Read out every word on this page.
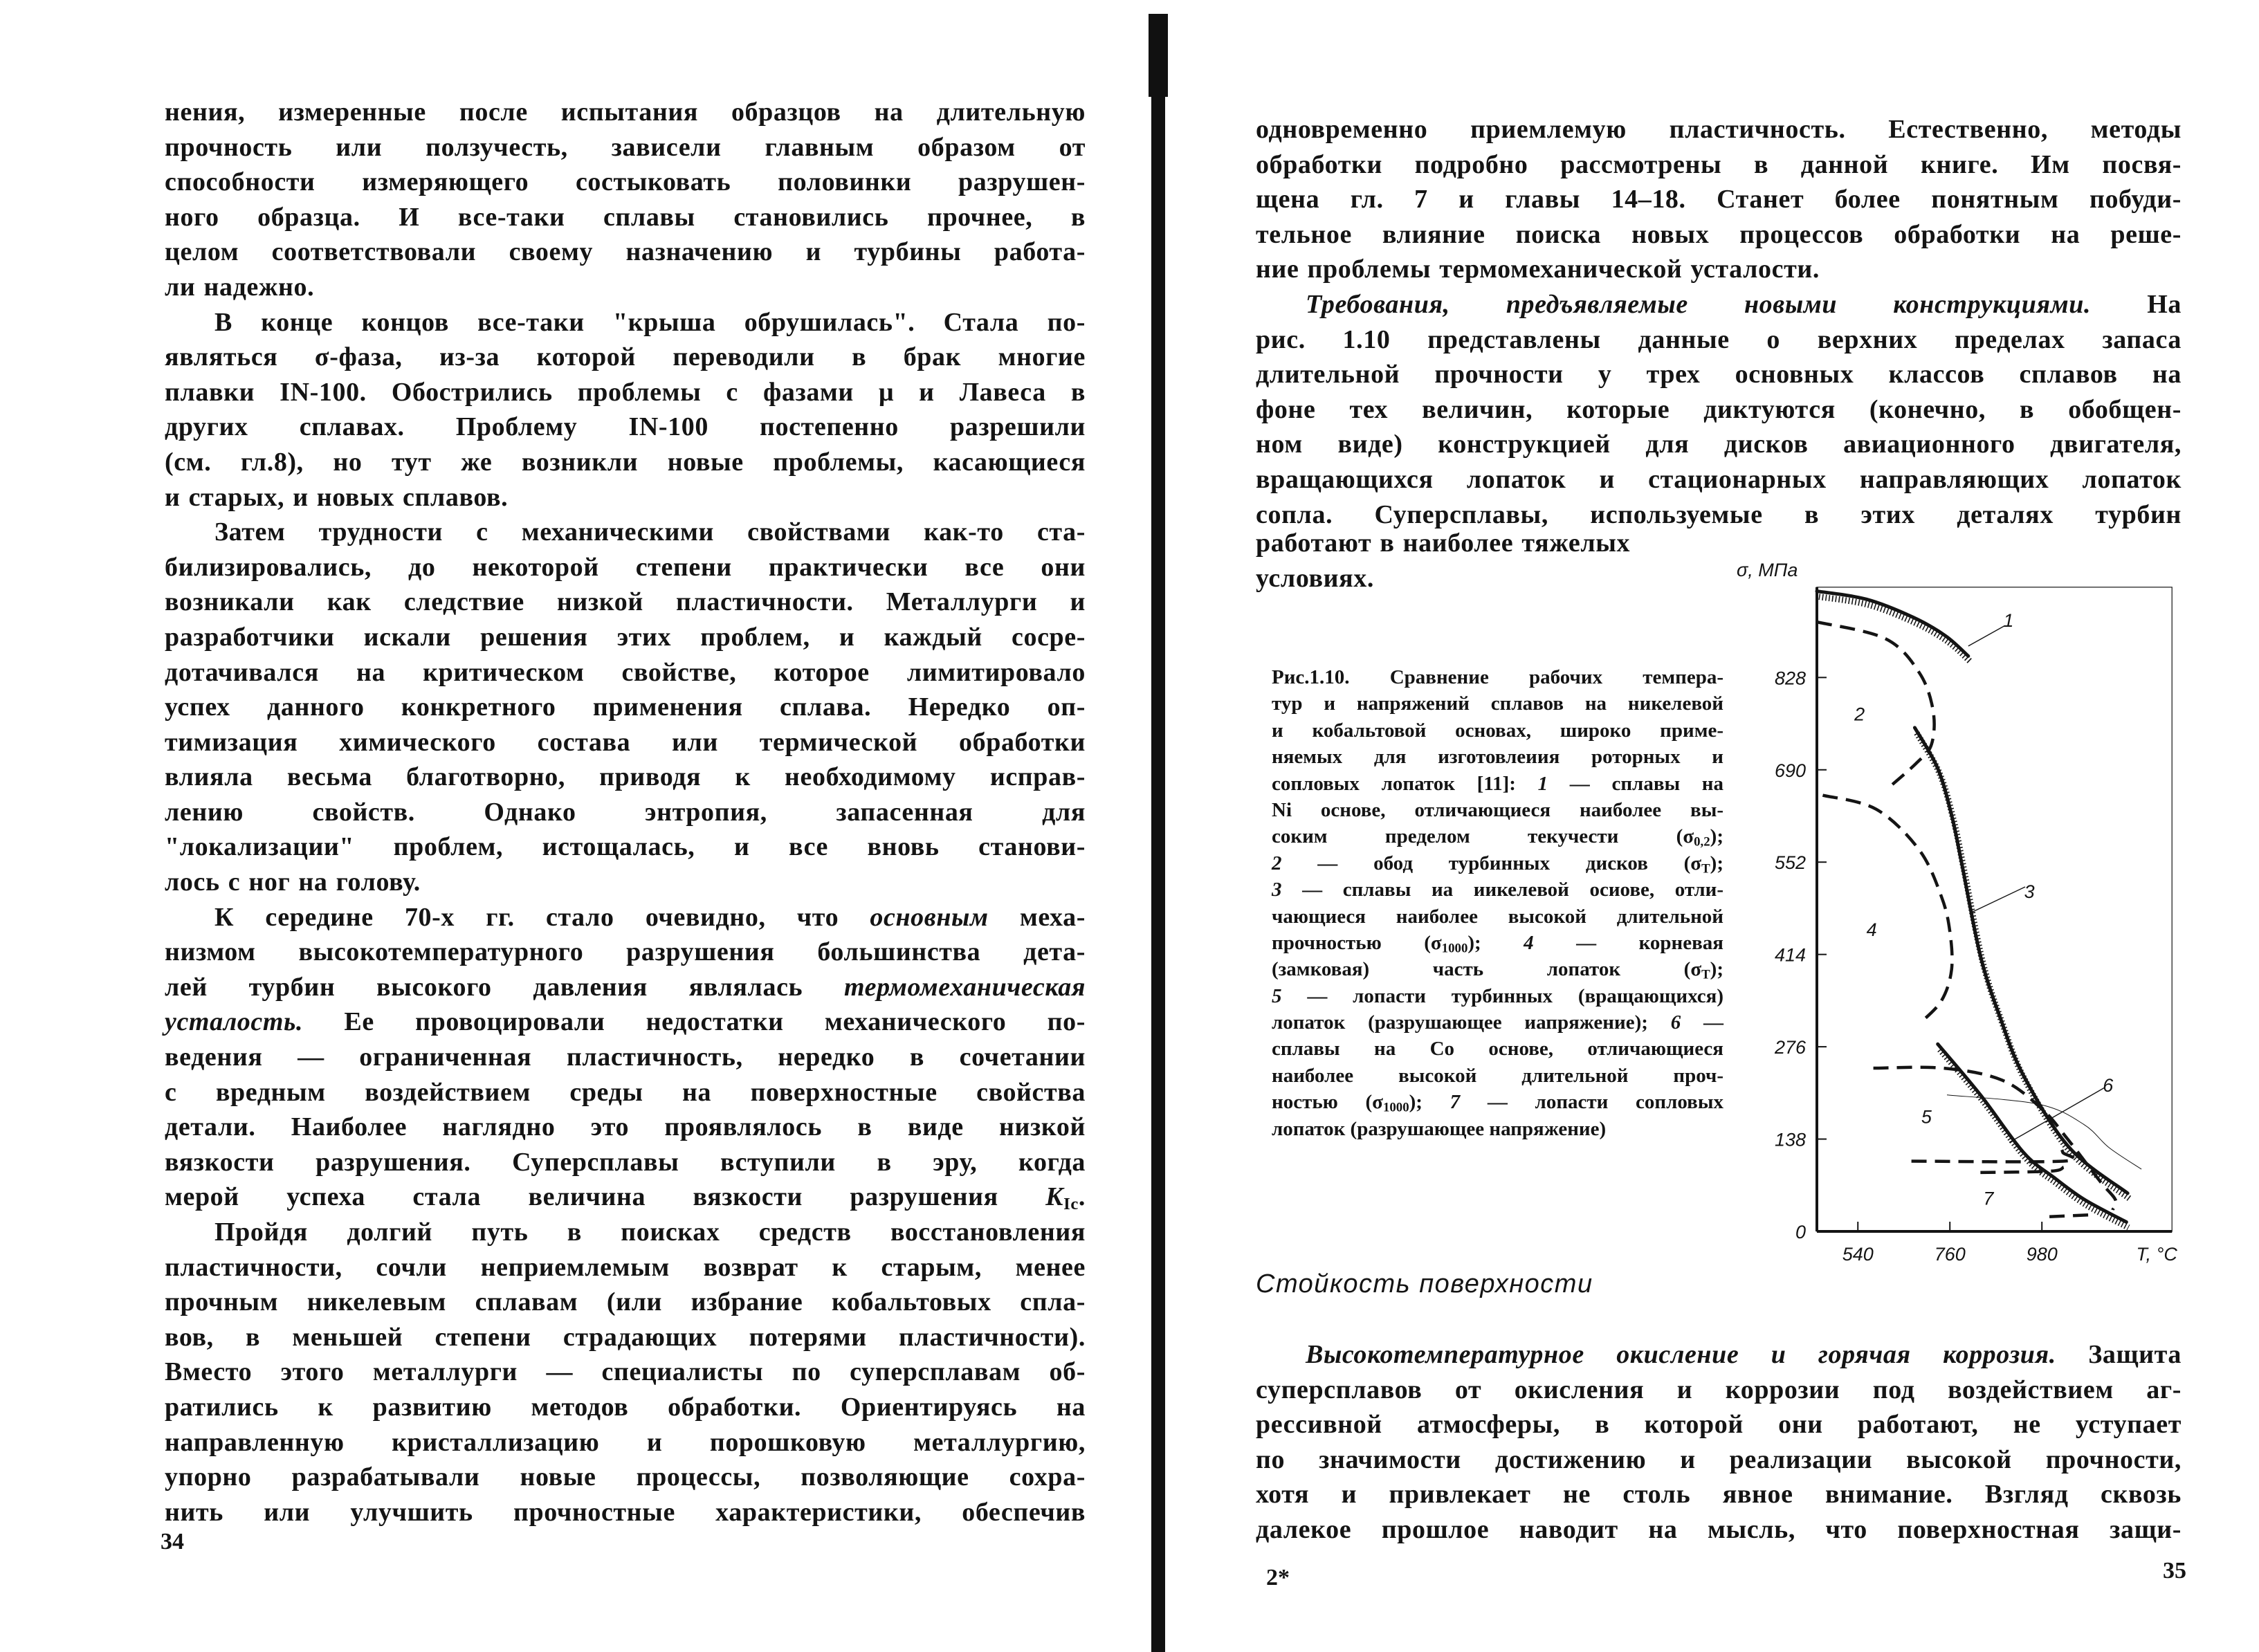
нения, измеренные после испытания образцов на длительную
прочность или ползучесть, зависели главным образом от
способности измеряющего состыковать половинки разрушен-
ного образца. И все-таки сплавы становились прочнее, в
целом соответствовали своему назначению и турбины работа-
ли надежно.
В конце концов все-таки "крыша обрушилась". Стала по-
являться σ-фаза, из-за которой переводили в брак многие
плавки IN-100. Обострились проблемы с фазами μ и Лавеса в
других сплавах. Проблему IN-100 постепенно разрешили
(см. гл.8), но тут же возникли новые проблемы, касающиеся
и старых, и новых сплавов.
Затем трудности с механическими свойствами как-то ста-
билизировались, до некоторой степени практически все они
возникали как следствие низкой пластичности. Металлурги и
разработчики искали решения этих проблем, и каждый сосре-
дотачивался на критическом свойстве, которое лимитировало
успех данного конкретного применения сплава. Нередко оп-
тимизация химического состава или термической обработки
влияла весьма благотворно, приводя к необходимому исправ-
лению свойств. Однако энтропия, запасенная для
"локализации" проблем, истощалась, и все вновь станови-
лось с ног на голову.
К середине 70-х гг. стало очевидно, что основным меха-
низмом высокотемпературного разрушения большинства дета-
лей турбин высокого давления являлась термомеханическая
усталость. Ее провоцировали недостатки механического по-
ведения — ограниченная пластичность, нередко в сочетании
с вредным воздействием среды на поверхностные свойства
детали. Наиболее наглядно это проявлялось в виде низкой
вязкости разрушения. Суперсплавы вступили в эру, когда
мерой успеха стала величина вязкости разрушения $K_{Ic}$.
Пройдя долгий путь в поисках средств восстановления
пластичности, сочли неприемлемым возврат к старым, менее
прочным никелевым сплавам (или избрание кобальтовых спла-
вов, в меньшей степени страдающих потерями пластичности).
Вместо этого металлурги — специалисты по суперсплавам об-
ратились к развитию методов обработки. Ориентируясь на
направленную кристаллизацию и порошковую металлургию,
упорно разрабатывали новые процессы, позволяющие сохра-
нить или улучшить прочностные характеристики, обеспечив
34
одновременно приемлемую пластичность. Естественно, методы
обработки подробно рассмотрены в данной книге. Им посвя-
щена гл. 7 и главы 14–18. Станет более понятным побуди-
тельное влияние поиска новых процессов обработки на реше-
ние проблемы термомеханической усталости.
Требования, предъявляемые новыми конструкциями. На
рис. 1.10 представлены данные о верхних пределах запаса
длительной прочности у трех основных классов сплавов на
фоне тех величин, которые диктуются (конечно, в обобщен-
ном виде) конструкцией для дисков авиационного двигателя,
вращающихся лопаток и стационарных направляющих лопаток
сопла. Суперсплавы, используемые в этих деталях турбин
работают в наиболее тяжелых
условиях.
Рис.1.10. Сравнение рабочих темпера-
тур и напряжений сплавов на никелевой
и кобальтовой основах, широко приме-
няемых для изготовлеиия роторных и
сопловых лопаток [11]: 1 — сплавы на
Ni основе, отличающиеся наиболее вы-
соким пределом текучести $(\sigma_{0,2})$;
2 — обод турбинных дисков $(\sigma_T)$;
3 — сплавы иа иикелевой осиове, отли-
чающиеся наиболее высокой длительной
прочностью $(\sigma_{1000})$; 4 — корневая
(замковая) часть лопаток $(\sigma_T)$;
5 — лопасти турбинных (вращающихся)
лопаток (разрушающее иапряжение); 6 —
сплавы на Co основе, отличающиеся
наиболее высокой длительной проч-
ностью $(\sigma_{1000})$; 7 — лопасти сопловых
лопаток (разрушающее напряжение)
Стойкость поверхности
Высокотемпературное окисление и горячая коррозия. Защита
суперсплавов от окисления и коррозии под воздействием аг-
рессивной атмосферы, в которой они работают, не уступает
по значимости достижению и реализации высокой прочности,
хотя и привлекает не столь явное внимание. Взгляд сквозь
далекое прошлое наводит на мысль, что поверхностная защи-
2*	35
0
138
276
414
552
690
828
540	760	980	T, °C
σ, МПа
1
2
3
4
5
6
7
